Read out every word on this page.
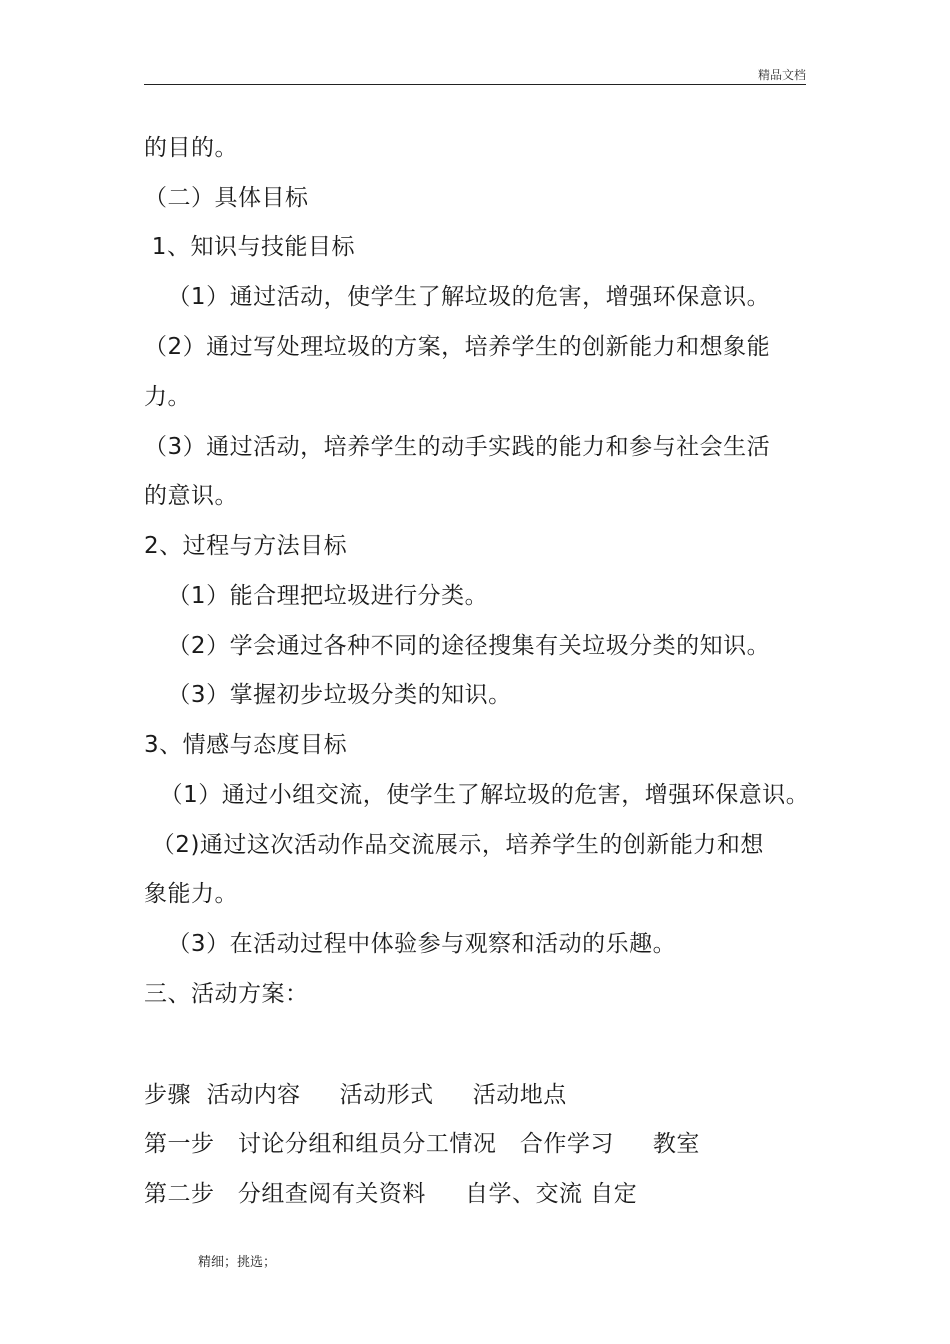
精品文档
的目的。
（二）具体目标
1、知识与技能目标
（1）通过活动，使学生了解垃圾的危害，增强环保意识。
（2）通过写处理垃圾的方案，培养学生的创新能力和想象能
力。
（3）通过活动，培养学生的动手实践的能力和参与社会生活
的意识。
2、过程与方法目标
（1）能合理把垃圾进行分类。
（2）学会通过各种不同的途径搜集有关垃圾分类的知识。
（3）掌握初步垃圾分类的知识。
3、情感与态度目标
（1）通过小组交流，使学生了解垃圾的危害，增强环保意识。
（2)通过这次活动作品交流展示，培养学生的创新能力和想
象能力。
（3）在活动过程中体验参与观察和活动的乐趣。
三、活动方案：
步骤  活动内容     活动形式     活动地点
第一步   讨论分组和组员分工情况   合作学习     教室
第二步   分组查阅有关资料     自学、交流 自定
精细；挑选；
